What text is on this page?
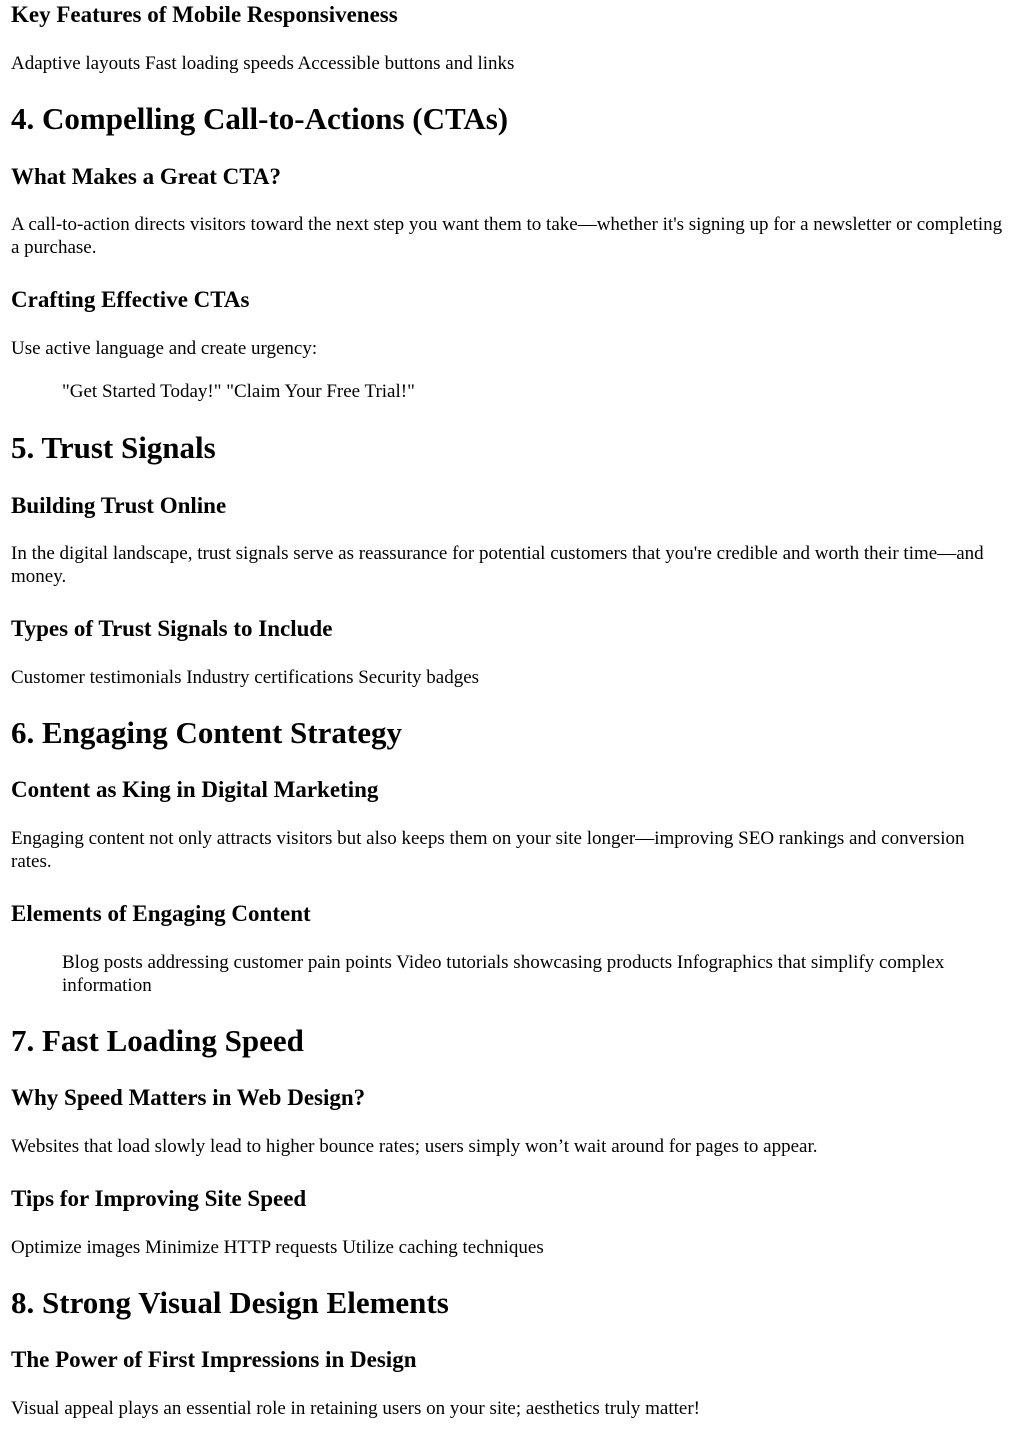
Key Features of Mobile Responsiveness

Adaptive layouts Fast loading speeds Accessible buttons and links

4. Compelling Call-to-Actions (CTAs)
What Makes a Great CTA?

A call-to-action directs visitors toward the next step you want them to take—whether it's signing up for a newsletter or completing a purchase.

Crafting Effective CTAs

Use active language and create urgency:

"Get Started Today!" "Claim Your Free Trial!"
5. Trust Signals
Building Trust Online

In the digital landscape, trust signals serve as reassurance for potential customers that you're credible and worth their time—and money.

Types of Trust Signals to Include

Customer testimonials Industry certifications Security badges

6. Engaging Content Strategy
Content as King in Digital Marketing

Engaging content not only attracts visitors but also keeps them on your site longer—improving SEO rankings and conversion rates.

Elements of Engaging Content
Blog posts addressing customer pain points Video tutorials showcasing products Infographics that simplify complex information
7. Fast Loading Speed
Why Speed Matters in Web Design?

Websites that load slowly lead to higher bounce rates; users simply won’t wait around for pages to appear.

Tips for Improving Site Speed

Optimize images Minimize HTTP requests Utilize caching techniques

8. Strong Visual Design Elements
The Power of First Impressions in Design

Visual appeal plays an essential role in retaining users on your site; aesthetics truly matter!
